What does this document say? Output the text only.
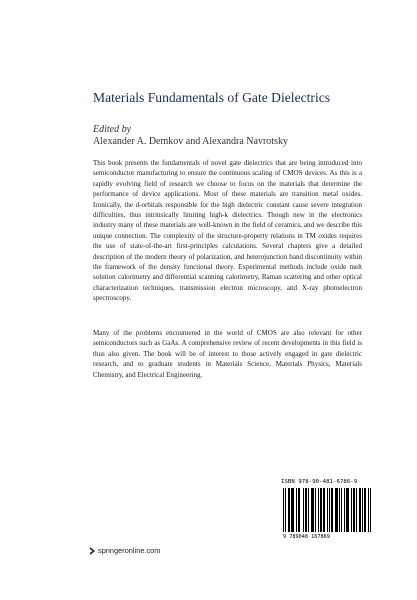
Materials Fundamentals of Gate Dielectrics
Edited by
Alexander A. Demkov and Alexandra Navrotsky

This book presents the fundamentals of novel gate dielectrics that are being introduced into semiconductor manufacturing to ensure the continuous scaling of CMOS devices. As this is a rapidly evolving field of research we choose to focus on the materials that determine the performance of device applications. Most of these materials are transition metal oxides. Ironically, the d-orbitals responsible for the high dielectric constant cause severe integration difficulties, thus intrinsically limiting high-k dielectrics. Though new in the electronics industry many of these materials are well-known in the field of ceramics, and we describe this unique connection. The complexity of the structure-property relations in TM oxides requires the use of state-of-the-art first-principles calculations. Several chapters give a detailed description of the modern theory of polarization, and heterojunction band discontinuity within the framework of the density functional theory. Experimental methods include oxide melt solution calorimetry and differential scanning calorimetry, Raman scattering and other optical characterization techniques, transmission electron microscopy, and X-ray photoelectron spectroscopy.

Many of the problems encountered in the world of CMOS are also relevant for other semiconductors such as GaAs. A comprehensive review of recent developments in this field is thus also given. The book will be of interest to those actively engaged in gate dielectric research, and to graduate students in Materials Science, Materials Physics, Materials Chemistry, and Electrical Engineering.

ISBN 978-90-481-6786-9
9 789048 167869
springeronline.com
